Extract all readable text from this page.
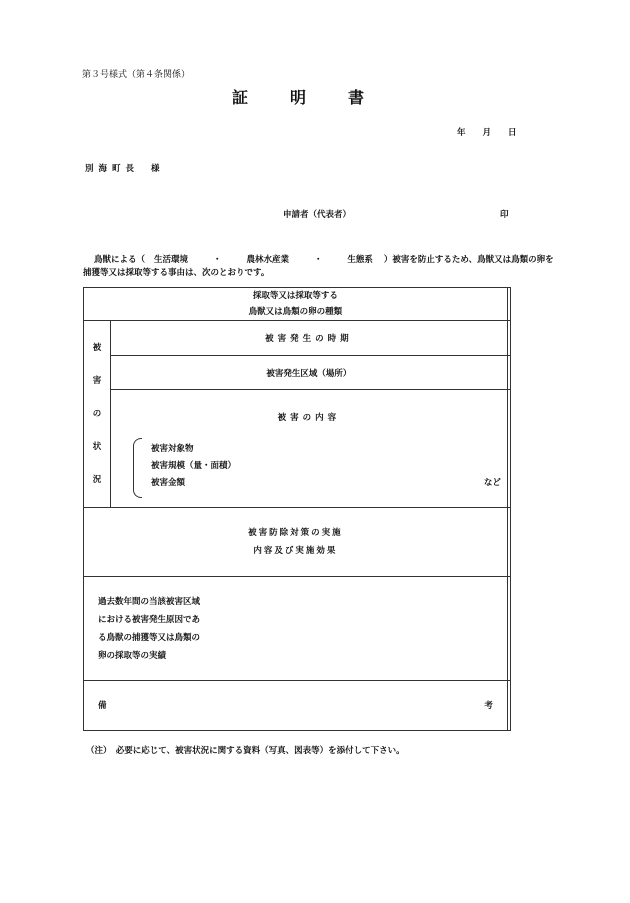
第３号様式（第４条関係）
証	明	書
年 月 日
別海町長 様
申請者（代表者）	印
鳥獣による（ 生活環境	・	農林水産業	・	生態系 ）被害を防止するため、鳥獣又は鳥類の卵を
捕獲等又は採取等する事由は、次のとおりです。
採取等又は採取等する
鳥獣又は鳥類の卵の種類		

被
害
の
状
況	被害発生の時期	
	被害発生区域（場所）	

	被害の内容
被害対象物
被害規模（量・面積）
被害金額 など	

被害防除対策の実施
内容及び実施効果		

過去数年間の当該被害区域
における被害発生原因であ
る鳥獣の捕獲等又は鳥類の
卵の採取等の実績		

備 考		

（注）　必要に応じて、被害状況に関する資料（写真、図表等）を添付して下さい。
